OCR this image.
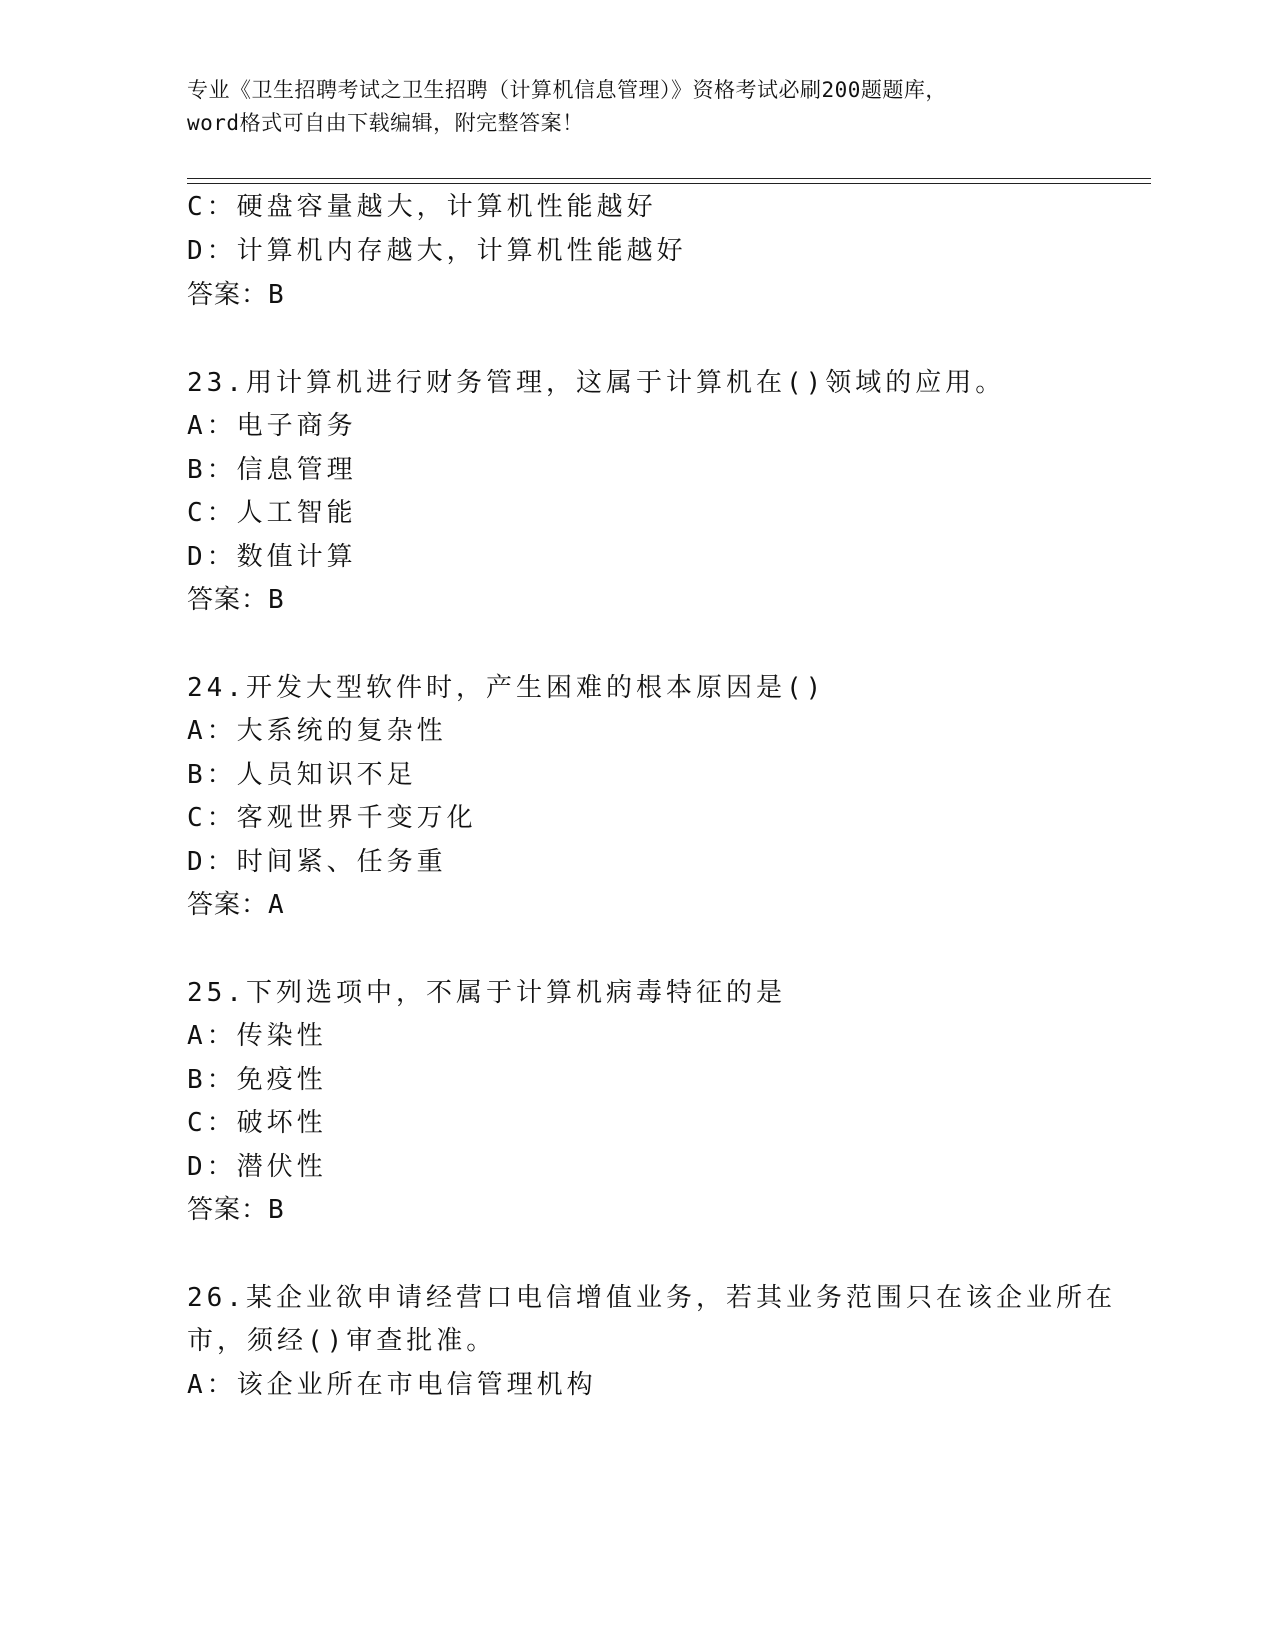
专业《卫生招聘考试之卫生招聘（计算机信息管理）》资格考试必刷200题题库，
word格式可自由下载编辑，附完整答案！
C：硬盘容量越大，计算机性能越好
D：计算机内存越大，计算机性能越好
答案：B
23.用计算机进行财务管理，这属于计算机在()领域的应用。
A：电子商务
B：信息管理
C：人工智能
D：数值计算
答案：B
24.开发大型软件时，产生困难的根本原因是()
A：大系统的复杂性
B：人员知识不足
C：客观世界千变万化
D：时间紧、任务重
答案：A
25.下列选项中，不属于计算机病毒特征的是
A：传染性
B：免疫性
C：破坏性
D：潜伏性
答案：B
26.某企业欲申请经营口电信增值业务，若其业务范围只在该企业所在
市，须经()审查批准。
A：该企业所在市电信管理机构
